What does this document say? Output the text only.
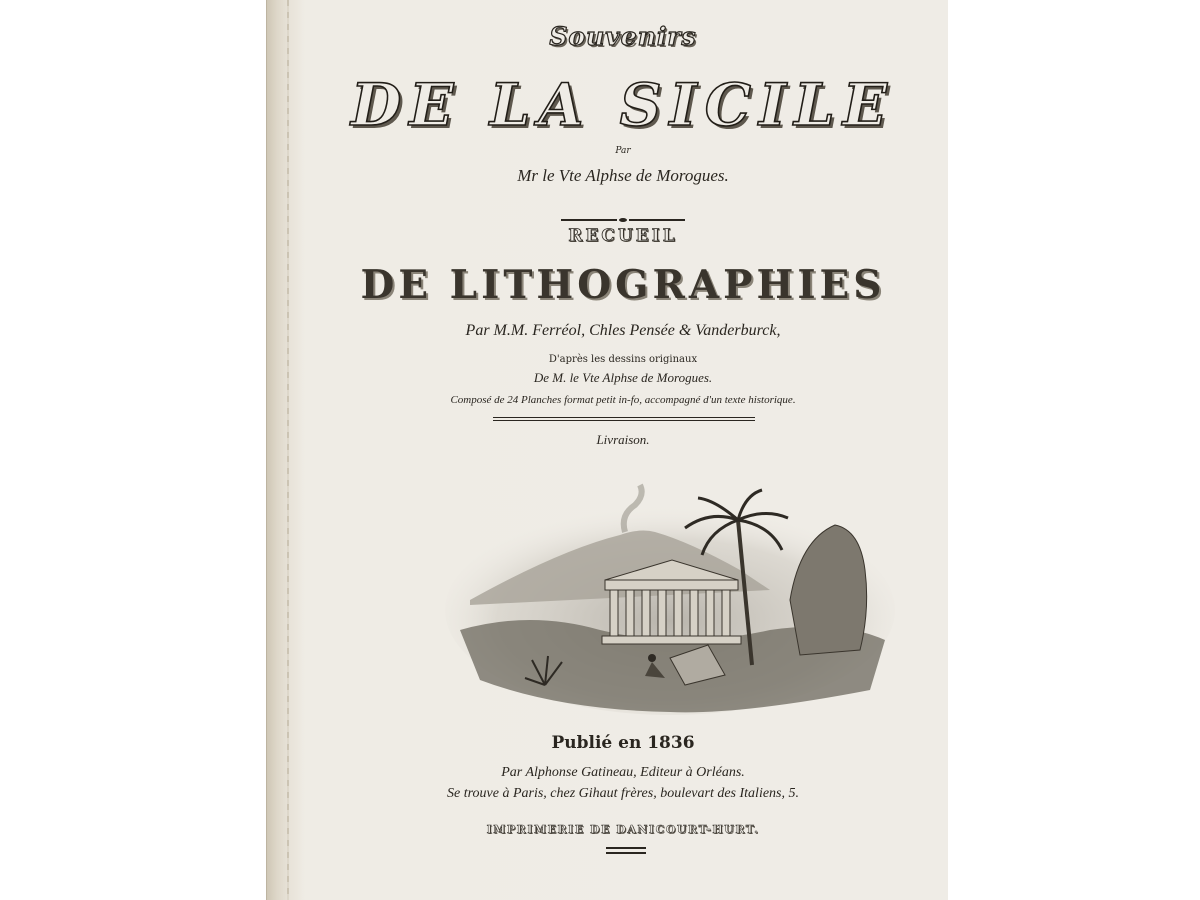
Souvenirs
DE LA SICILE
Par
Mr le Vte Alphse de Morogues.
RECUEIL
DE LITHOGRAPHIES
Par M.M. Ferréol, Chles Pensée & Vanderburck,
D'après les dessins originaux
De M. le Vte Alphse de Morogues.
Composé de 24 Planches format petit in-fo, accompagné d'un texte historique.
Livraison.
Publié en 1836
Par Alphonse Gatineau, Editeur à Orléans.
Se trouve à Paris, chez Gihaut frères, boulevart des Italiens, 5.
IMPRIMERIE DE DANICOURT-HURT.
